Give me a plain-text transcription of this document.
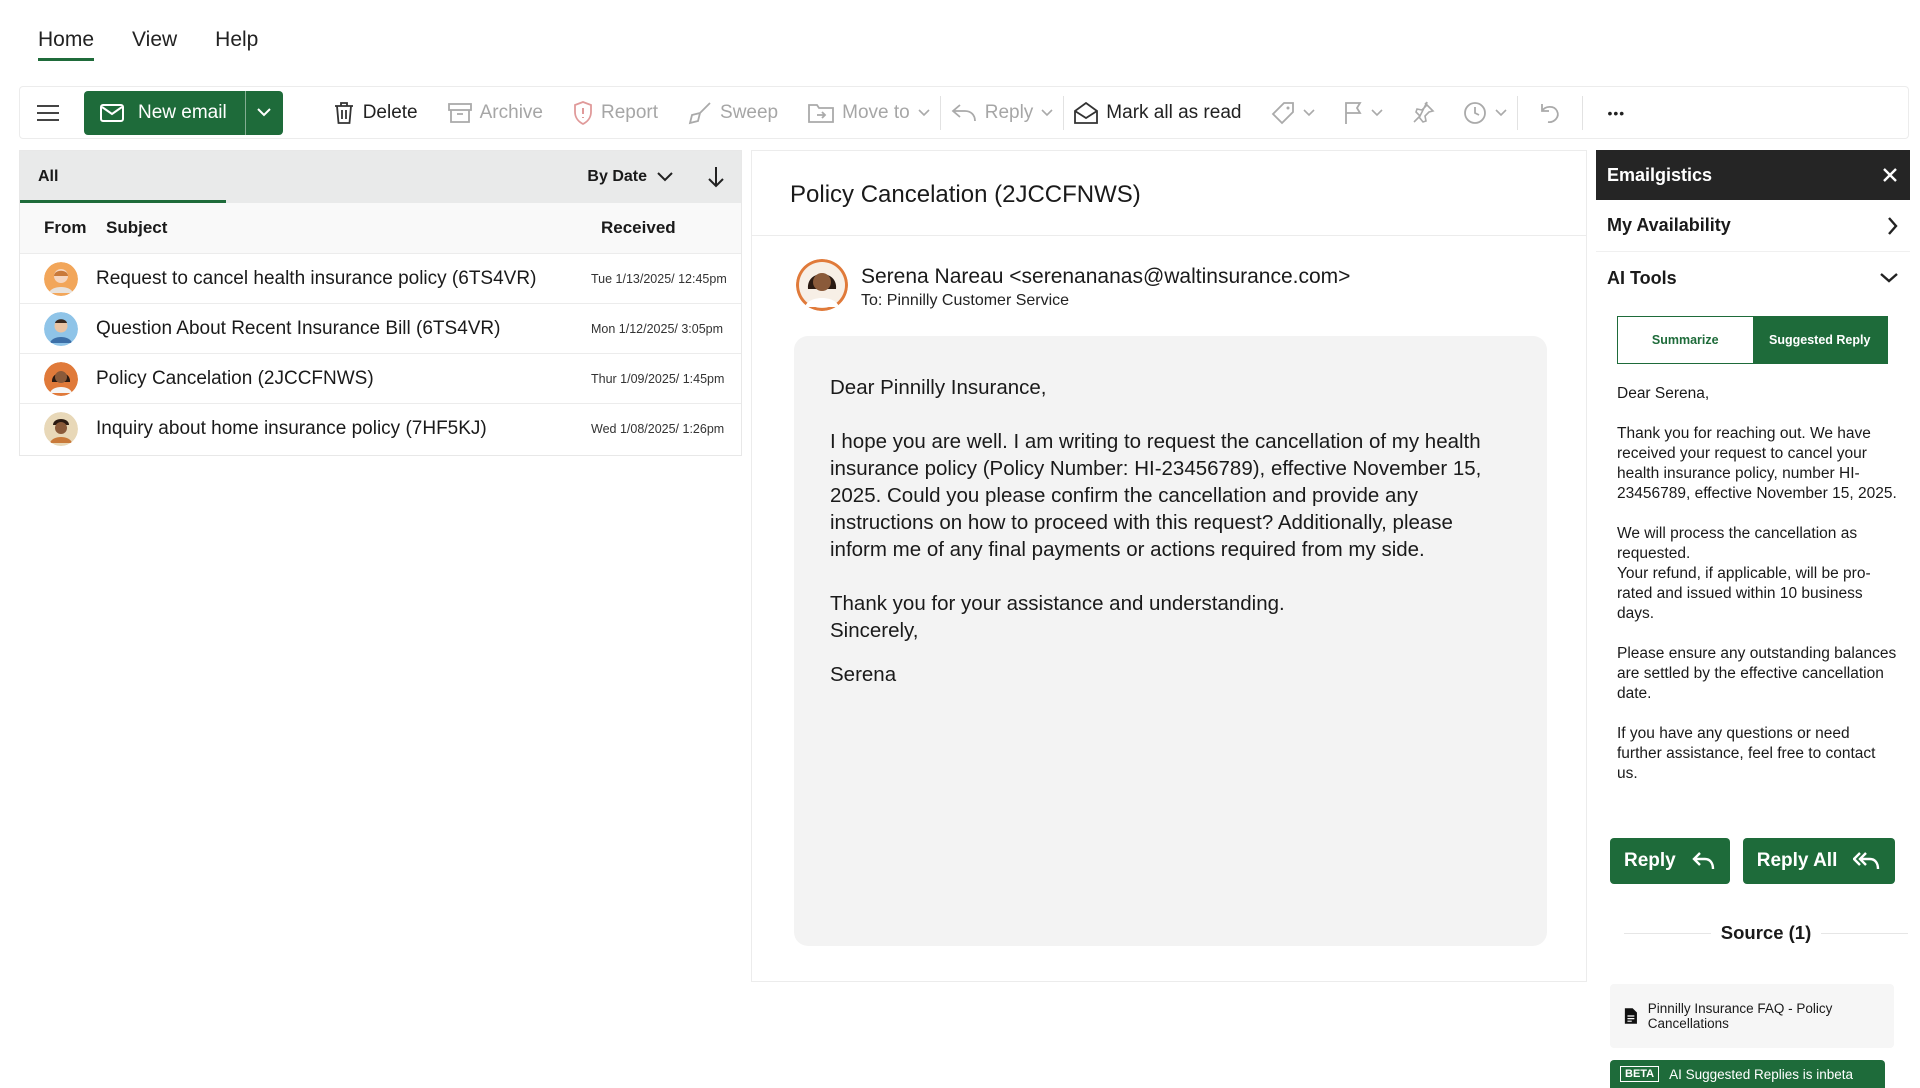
Home View Help
New email	Delete	Archive	Report	Sweep	Move to	Reply	Mark all as read	•••
All	By Date
From	Subject	Received
Request to cancel health insurance policy (6TS4VR)	Tue 1/13/2025/ 12:45pm
Question About Recent Insurance Bill (6TS4VR)	Mon 1/12/2025/ 3:05pm
Policy Cancelation (2JCCFNWS)	Thur 1/09/2025/ 1:45pm
Inquiry about home insurance policy (7HF5KJ)	Wed 1/08/2025/ 1:26pm
Policy Cancelation (2JCCFNWS)
Serena Nareau <serenananas@waltinsurance.com>
To: Pinnilly Customer Service

Dear Pinnilly Insurance,

I hope you are well. I am writing to request the cancellation of my health insurance policy (Policy Number: HI-23456789), effective November 15, 2025. Could you please confirm the cancellation and provide any instructions on how to proceed with this request? Additionally, please inform me of any final payments or actions required from my side.

Thank you for your assistance and understanding.
Sincerely,

Serena

Emailgistics
My Availability
AI Tools
Summarize	Suggested Reply

Dear Serena,

Thank you for reaching out. We have received your request to cancel your health insurance policy, number HI-23456789, effective November 15, 2025.

We will process the cancellation as requested.
Your refund, if applicable, will be pro-rated and issued within 10 business days.

Please ensure any outstanding balances are settled by the effective cancellation date.

If you have any questions or need further assistance, feel free to contact us.

Reply	Reply All
Source (1)
Pinnilly Insurance FAQ - Policy Cancellations
BETA	AI Suggested Replies is inbeta
